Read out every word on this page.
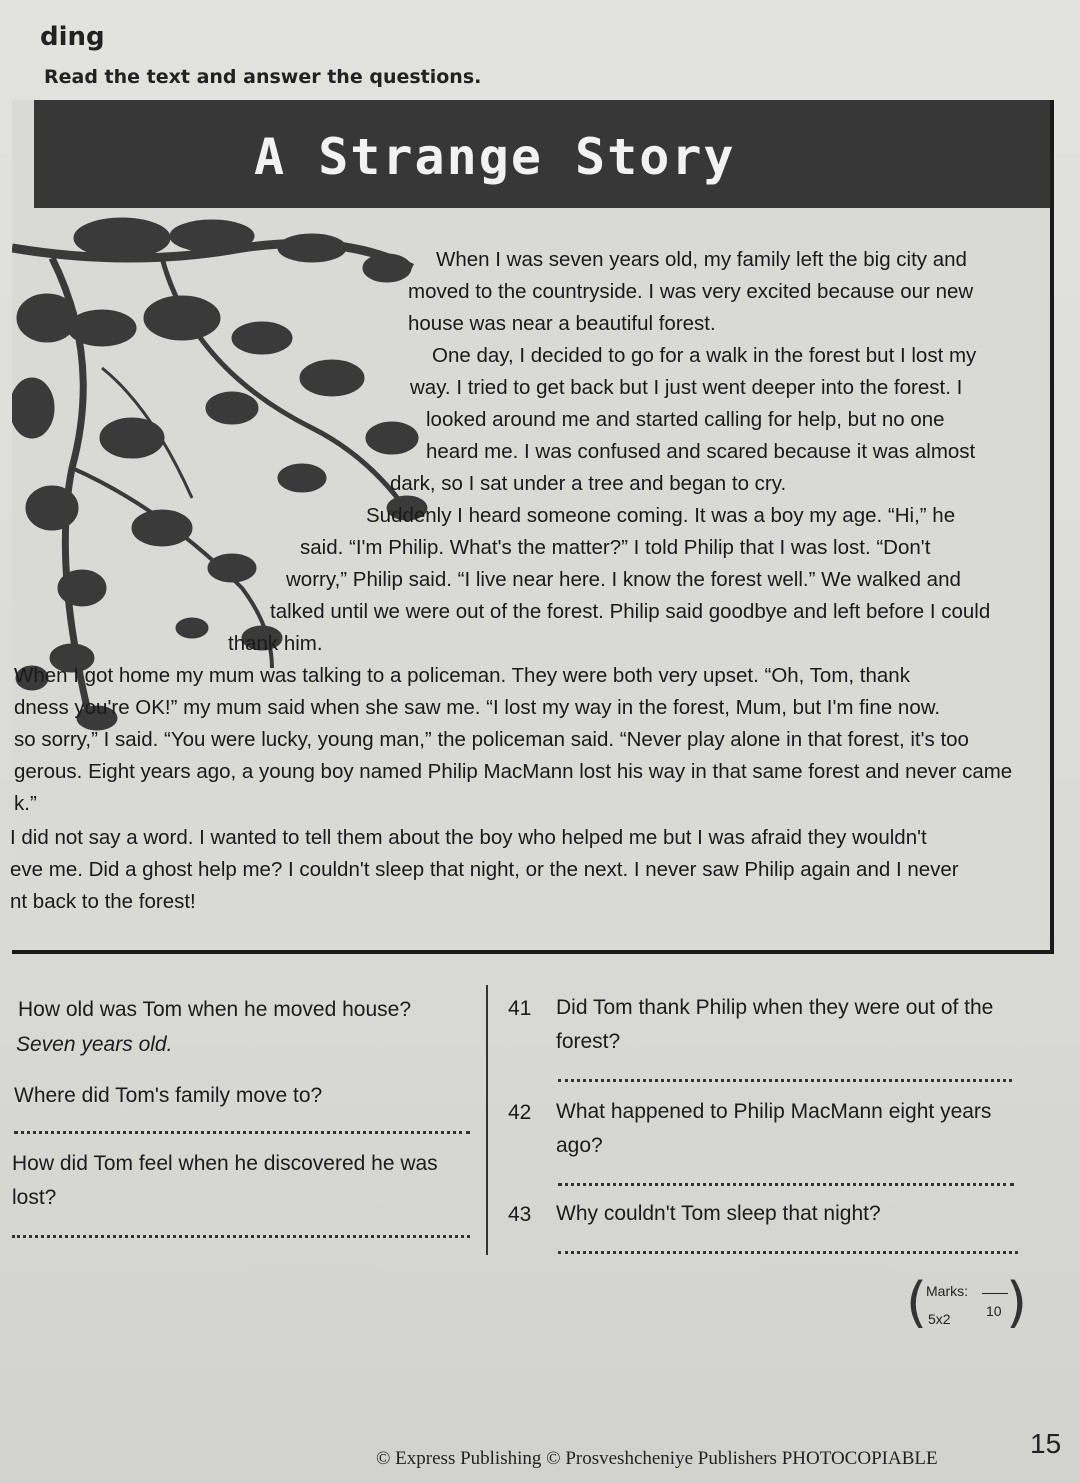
ding
Read the text and answer the questions.
A Strange Story
When I was seven years old, my family left the big city and
moved to the countryside. I was very excited because our new
house was near a beautiful forest.
One day, I decided to go for a walk in the forest but I lost my
way. I tried to get back but I just went deeper into the forest. I
looked around me and started calling for help, but no one
heard me. I was confused and scared because it was almost
dark, so I sat under a tree and began to cry.
Suddenly I heard someone coming. It was a boy my age. “Hi,” he
said. “I'm Philip. What's the matter?” I told Philip that I was lost. “Don't
worry,” Philip said. “I live near here. I know the forest well.” We walked and
talked until we were out of the forest. Philip said goodbye and left before I could
thank him.
When I got home my mum was talking to a policeman. They were both very upset. “Oh, Tom, thank
dness you're OK!” my mum said when she saw me. “I lost my way in the forest, Mum, but I'm fine now.
so sorry,” I said. “You were lucky, young man,” the policeman said. “Never play alone in that forest, it's too
gerous. Eight years ago, a young boy named Philip MacMann lost his way in that same forest and never came
k.”
I did not say a word. I wanted to tell them about the boy who helped me but I was afraid they wouldn't
eve me. Did a ghost help me? I couldn't sleep that night, or the next. I never saw Philip again and I never
nt back to the forest!
How old was Tom when he moved house?
Seven years old.
Where did Tom's family move to?
How did Tom feel when he discovered he was lost?
41 Did Tom thank Philip when they were out of the forest?
42 What happened to Philip MacMann eight years ago?
43 Why couldn't Tom sleep that night?
( )
Marks:
5x2	10
© Express Publishing © Prosveshcheniye Publishers PHOTOCOPIABLE	15
